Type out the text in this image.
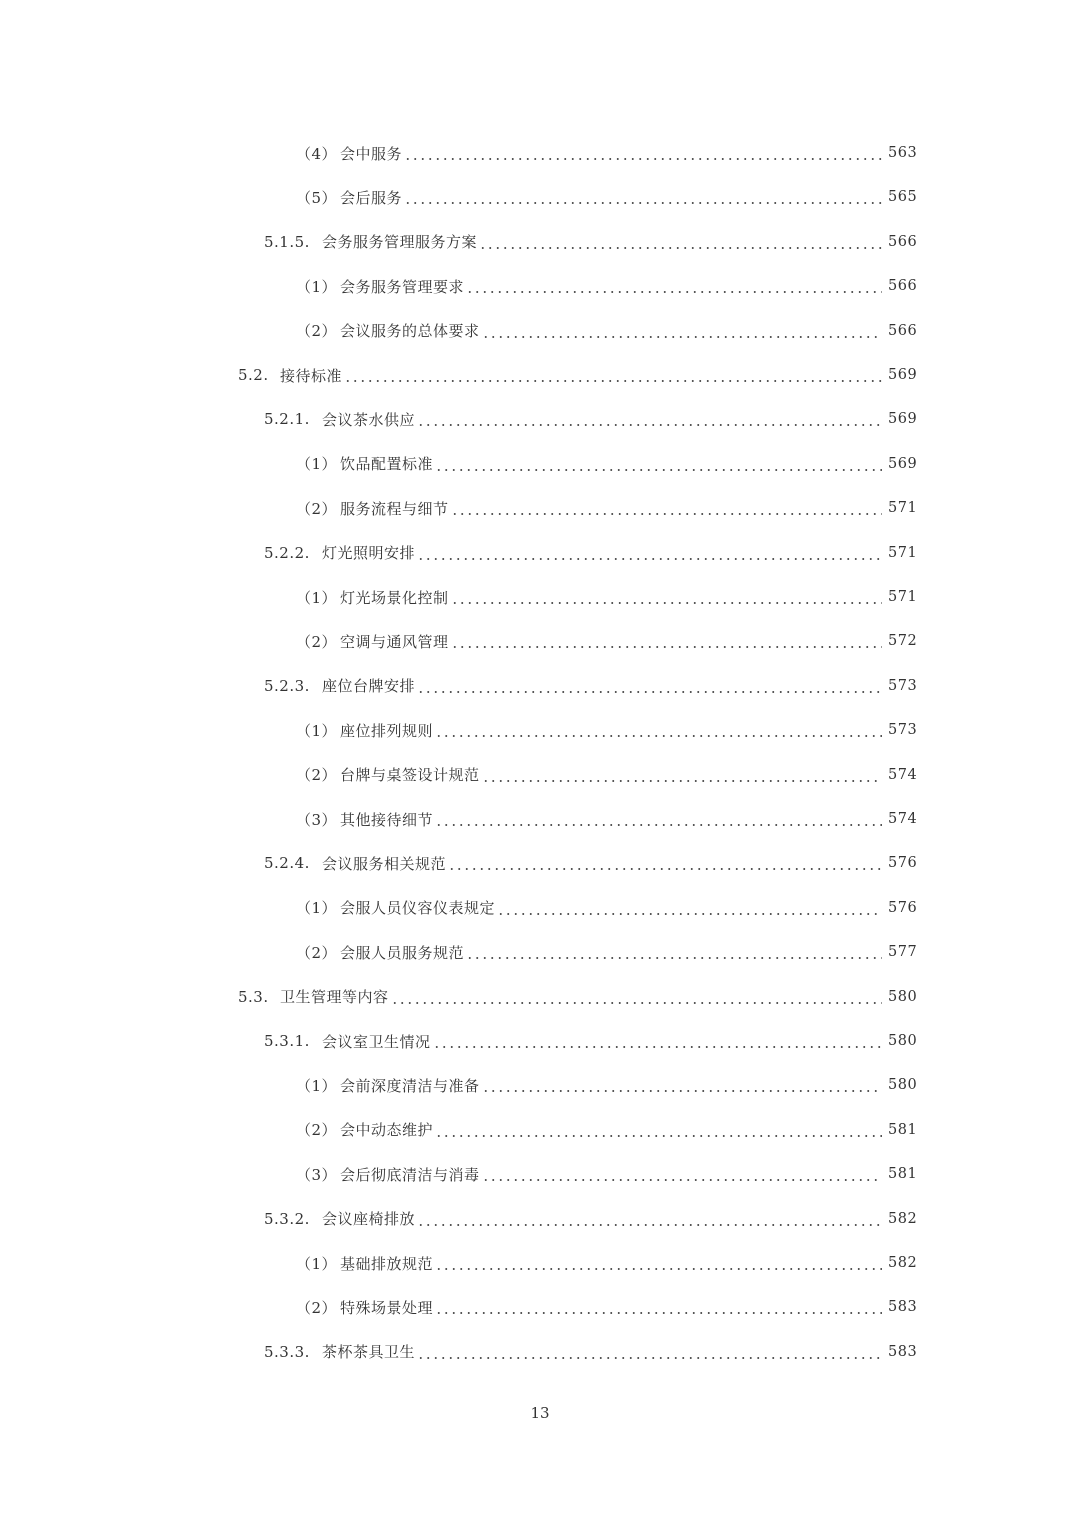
（4） 会中服务	563
（5） 会后服务	565
5.1.5. 会务服务管理服务方案	566
（1） 会务服务管理要求	566
（2） 会议服务的总体要求	566
5.2. 接待标准	569
5.2.1. 会议茶水供应	569
（1） 饮品配置标准	569
（2） 服务流程与细节	571
5.2.2. 灯光照明安排	571
（1） 灯光场景化控制	571
（2） 空调与通风管理	572
5.2.3. 座位台牌安排	573
（1） 座位排列规则	573
（2） 台牌与桌签设计规范	574
（3） 其他接待细节	574
5.2.4. 会议服务相关规范	576
（1） 会服人员仪容仪表规定	576
（2） 会服人员服务规范	577
5.3. 卫生管理等内容	580
5.3.1. 会议室卫生情况	580
（1） 会前深度清洁与准备	580
（2） 会中动态维护	581
（3） 会后彻底清洁与消毒	581
5.3.2. 会议座椅排放	582
（1） 基础排放规范	582
（2） 特殊场景处理	583
5.3.3. 茶杯茶具卫生	583
13
